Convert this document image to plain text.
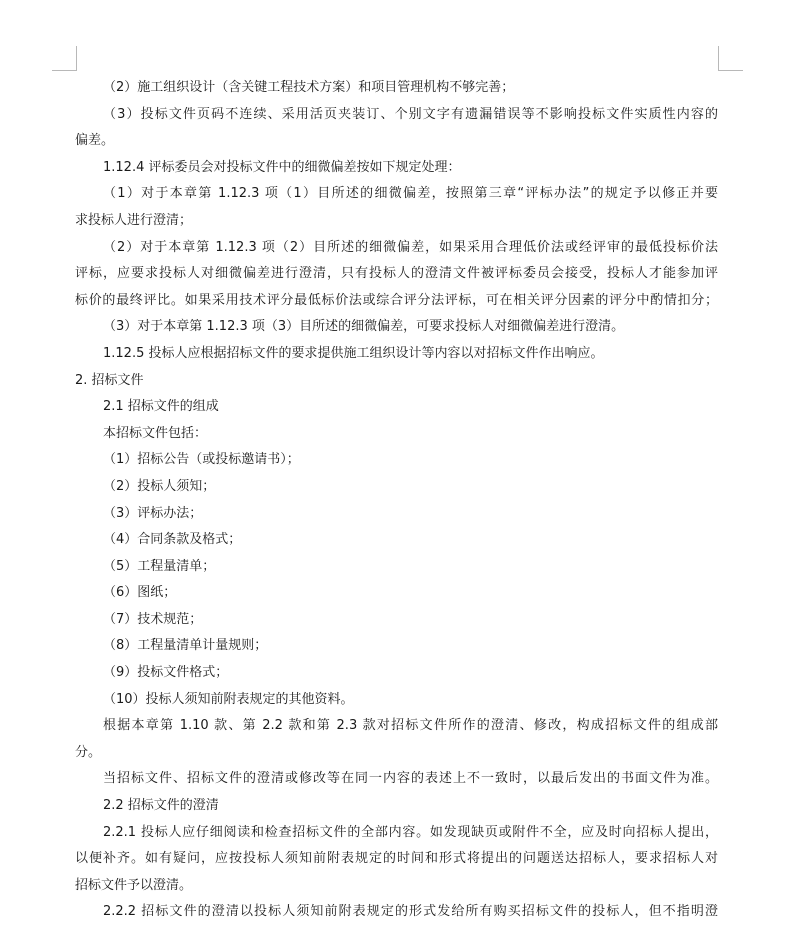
（2）施工组织设计（含关键工程技术方案）和项目管理机构不够完善；

（3）投标文件页码不连续、采用活页夹装订、个别文字有遗漏错误等不影响投标文件实质性内容的

偏差。

1.12.4 评标委员会对投标文件中的细微偏差按如下规定处理：

（1）对于本章第 1.12.3 项（1）目所述的细微偏差，按照第三章“评标办法”的规定予以修正并要

求投标人进行澄清；

（2）对于本章第 1.12.3 项（2）目所述的细微偏差，如果采用合理低价法或经评审的最低投标价法

评标，应要求投标人对细微偏差进行澄清，只有投标人的澄清文件被评标委员会接受，投标人才能参加评

标价的最终评比。如果采用技术评分最低标价法或综合评分法评标，可在相关评分因素的评分中酌情扣分；

（3）对于本章第 1.12.3 项（3）目所述的细微偏差，可要求投标人对细微偏差进行澄清。

1.12.5 投标人应根据招标文件的要求提供施工组织设计等内容以对招标文件作出响应。

2. 招标文件

2.1 招标文件的组成

本招标文件包括：

（1）招标公告（或投标邀请书）；

（2）投标人须知；

（3）评标办法；

（4）合同条款及格式；

（5）工程量清单；

（6）图纸；

（7）技术规范；

（8）工程量清单计量规则；

（9）投标文件格式；

（10）投标人须知前附表规定的其他资料。

根据本章第 1.10 款、第 2.2 款和第 2.3 款对招标文件所作的澄清、修改，构成招标文件的组成部

分。

当招标文件、招标文件的澄清或修改等在同一内容的表述上不一致时，以最后发出的书面文件为准。

2.2 招标文件的澄清

2.2.1 投标人应仔细阅读和检查招标文件的全部内容。如发现缺页或附件不全，应及时向招标人提出，

以便补齐。如有疑问，应按投标人须知前附表规定的时间和形式将提出的问题送达招标人，要求招标人对

招标文件予以澄清。

2.2.2 招标文件的澄清以投标人须知前附表规定的形式发给所有购买招标文件的投标人，但不指明澄
